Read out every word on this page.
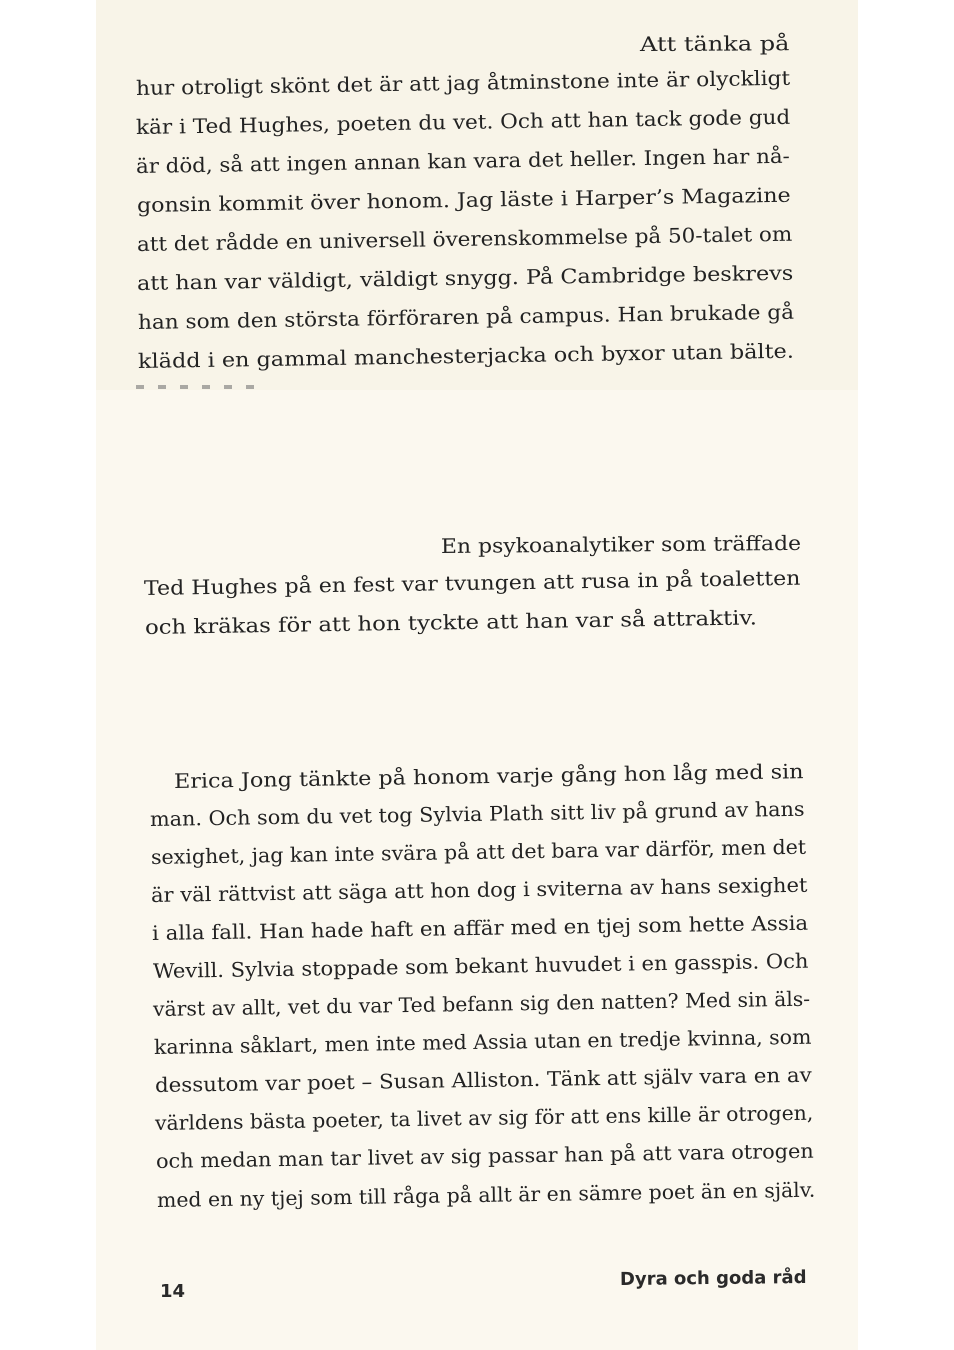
Att tänka på

hur otroligt skönt det är att jag åtminstone inte är olyckligt

kär i Ted Hughes, poeten du vet. Och att han tack gode gud

är död, så att ingen annan kan vara det heller. Ingen har nå-

gonsin kommit över honom. Jag läste i Harper’s Magazine

att det rådde en universell överenskommelse på 50-talet om

att han var väldigt, väldigt snygg. På Cambridge beskrevs

han som den största förföraren på campus. Han brukade gå

klädd i en gammal manchesterjacka och byxor utan bälte.

En psykoanalytiker som träffade

Ted Hughes på en fest var tvungen att rusa in på toaletten

och kräkas för att hon tyckte att han var så attraktiv.

Erica Jong tänkte på honom varje gång hon låg med sin

man. Och som du vet tog Sylvia Plath sitt liv på grund av hans

sexighet, jag kan inte svära på att det bara var därför, men det

är väl rättvist att säga att hon dog i sviterna av hans sexighet

i alla fall. Han hade haft en affär med en tjej som hette Assia

Wevill. Sylvia stoppade som bekant huvudet i en gasspis. Och

värst av allt, vet du var Ted befann sig den natten? Med sin äls-

karinna såklart, men inte med Assia utan en tredje kvinna, som

dessutom var poet – Susan Alliston. Tänk att själv vara en av

världens bästa poeter, ta livet av sig för att ens kille är otrogen,

och medan man tar livet av sig passar han på att vara otrogen

med en ny tjej som till råga på allt är en sämre poet än en själv.

14

Dyra och goda råd
